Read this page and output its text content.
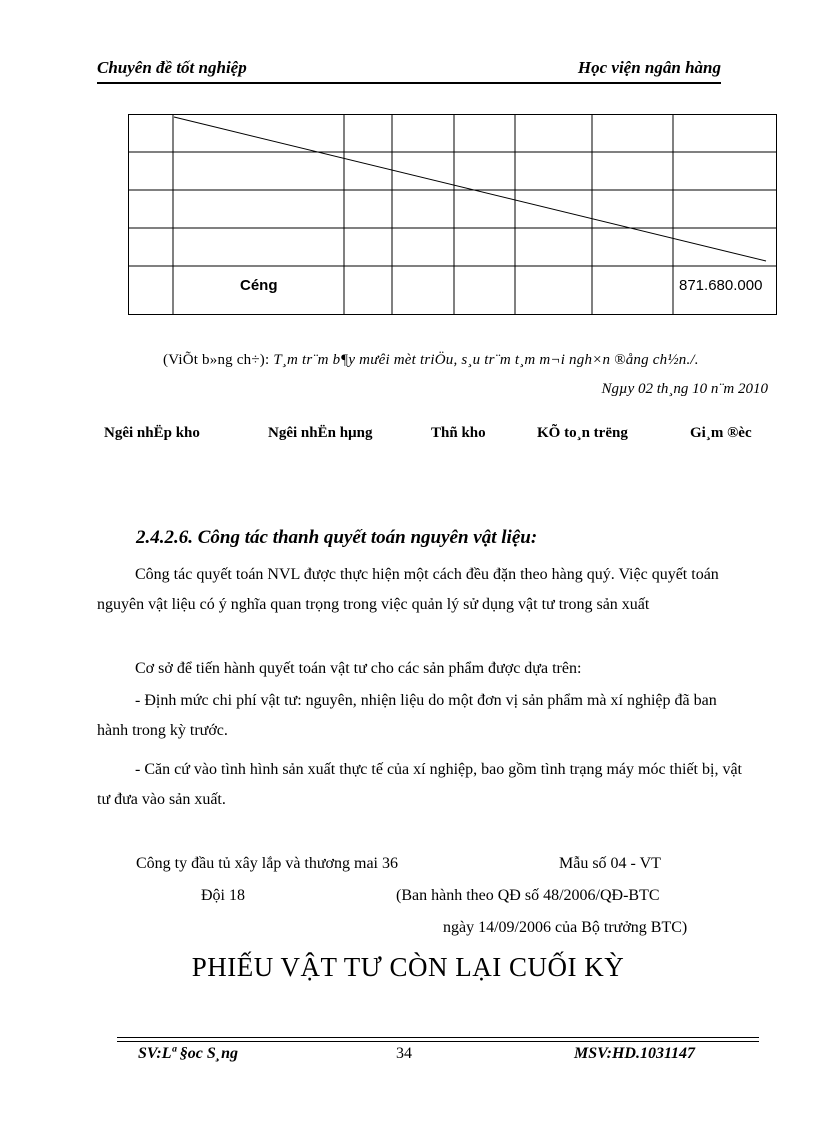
Chuyên đề tốt nghiệp	Học viện ngân hàng
Céng	871.680.000
(ViÕt b»ng ch÷): T¸m tr¨m b¶y mưêi mèt triÖu, s¸u tr¨m t¸m m¬i ngh×n ®ång ch½n./.
Ngµy 02 th¸ng 10 n¨m 2010
Ngêi nhËp kho	Ngêi nhËn hµng	Thñ kho	KÕ to¸n trëng	Gi¸m ®èc
2.4.2.6. Công tác thanh quyết toán nguyên vật liệu:
Công tác quyết toán NVL được thực hiện một cách đều đặn theo hàng quý. Việc quyết toán nguyên vật liệu có ý nghĩa quan trọng trong việc quản lý sử dụng vật tư trong sản xuất
Cơ sở để tiến hành quyết toán vật tư cho các sản phẩm được dựa trên:
- Định mức chi phí vật tư: nguyên, nhiện liệu do một đơn vị sản phẩm mà xí nghiệp đã ban hành trong kỳ trước.
- Căn cứ vào tình hình sản xuất thực tế của xí nghiệp, bao gồm tình trạng máy móc thiết bị, vật tư đưa vào sản xuất.
Công ty đầu tủ xây lắp và thương mai 36	Mẫu số 04 - VT
Đội 18	(Ban hành theo QĐ số 48/2006/QĐ-BTC
ngày 14/09/2006 của Bộ trưởng BTC)
PHIẾU VẬT TƯ CÒN LẠI CUỐI KỲ
SV:Lª §oc S¸ng	34	MSV:HD.1031147
